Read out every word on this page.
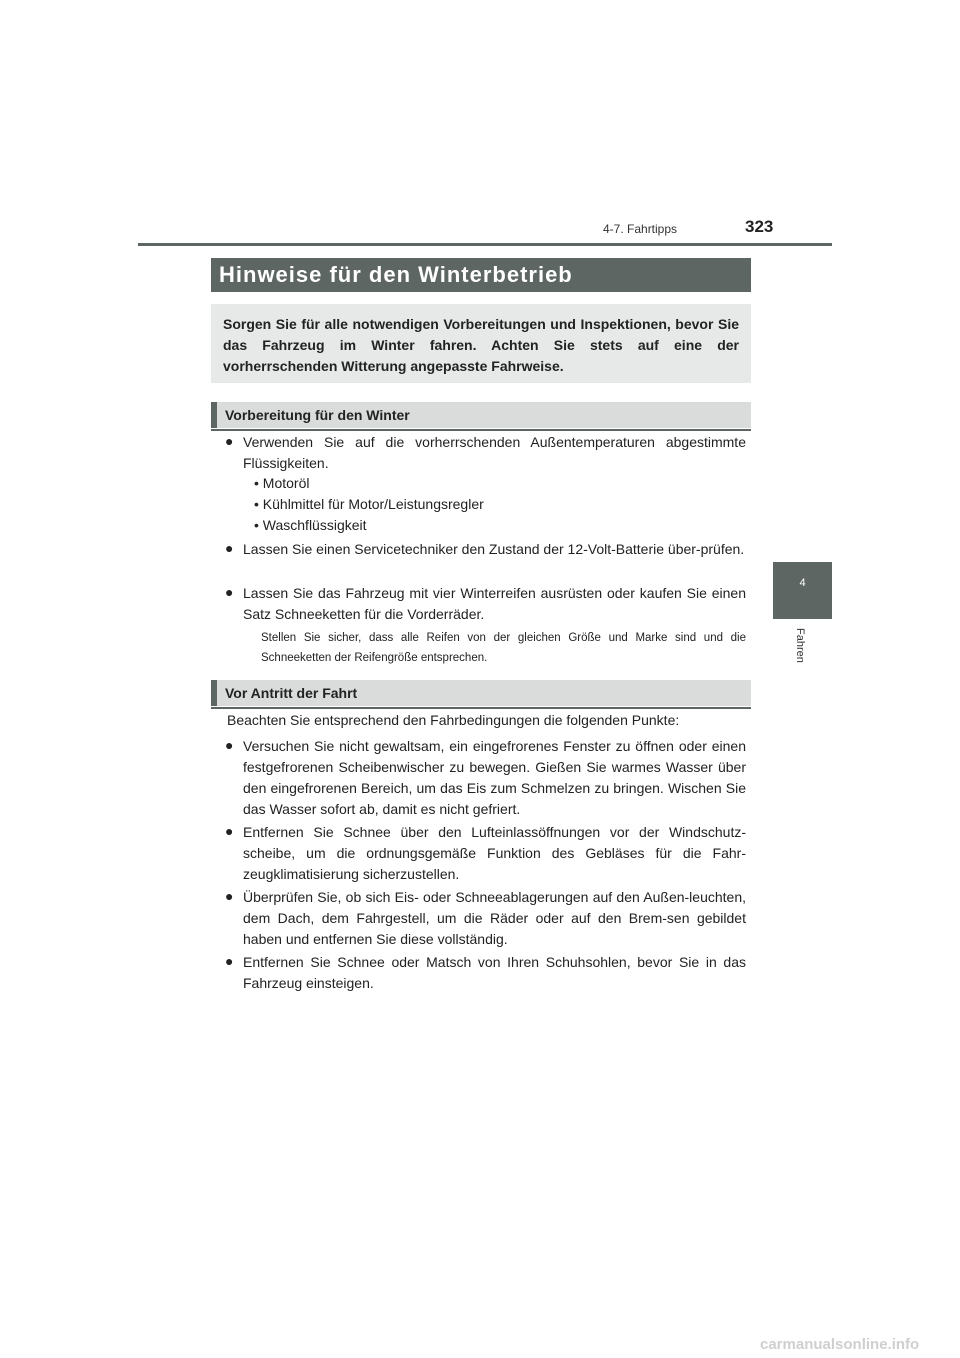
4-7. Fahrtipps	323
4
Fahren
Hinweise für den Winterbetrieb
Sorgen Sie für alle notwendigen Vorbereitungen und Inspektionen, bevor Sie das Fahrzeug im Winter fahren. Achten Sie stets auf eine der vorherrschenden Witterung angepasste Fahrweise.
Vorbereitung für den Winter
● Verwenden Sie auf die vorherrschenden Außentemperaturen abgestimmte Flüssigkeiten.
• Motoröl
• Kühlmittel für Motor/Leistungsregler
• Waschflüssigkeit
● Lassen Sie einen Servicetechniker den Zustand der 12-Volt-Batterie über-prüfen.
● Lassen Sie das Fahrzeug mit vier Winterreifen ausrüsten oder kaufen Sie einen Satz Schneeketten für die Vorderräder.
Stellen Sie sicher, dass alle Reifen von der gleichen Größe und Marke sind und die Schneeketten der Reifengröße entsprechen.
Vor Antritt der Fahrt
Beachten Sie entsprechend den Fahrbedingungen die folgenden Punkte:
● Versuchen Sie nicht gewaltsam, ein eingefrorenes Fenster zu öffnen oder einen festgefrorenen Scheibenwischer zu bewegen. Gießen Sie warmes Wasser über den eingefrorenen Bereich, um das Eis zum Schmelzen zu bringen. Wischen Sie das Wasser sofort ab, damit es nicht gefriert.
● Entfernen Sie Schnee über den Lufteinlassöffnungen vor der Windschutz-scheibe, um die ordnungsgemäße Funktion des Gebläses für die Fahr-zeugklimatisierung sicherzustellen.
● Überprüfen Sie, ob sich Eis- oder Schneeablagerungen auf den Außen-leuchten, dem Dach, dem Fahrgestell, um die Räder oder auf den Brem-sen gebildet haben und entfernen Sie diese vollständig.
● Entfernen Sie Schnee oder Matsch von Ihren Schuhsohlen, bevor Sie in das Fahrzeug einsteigen.
carmanualsonline.info
